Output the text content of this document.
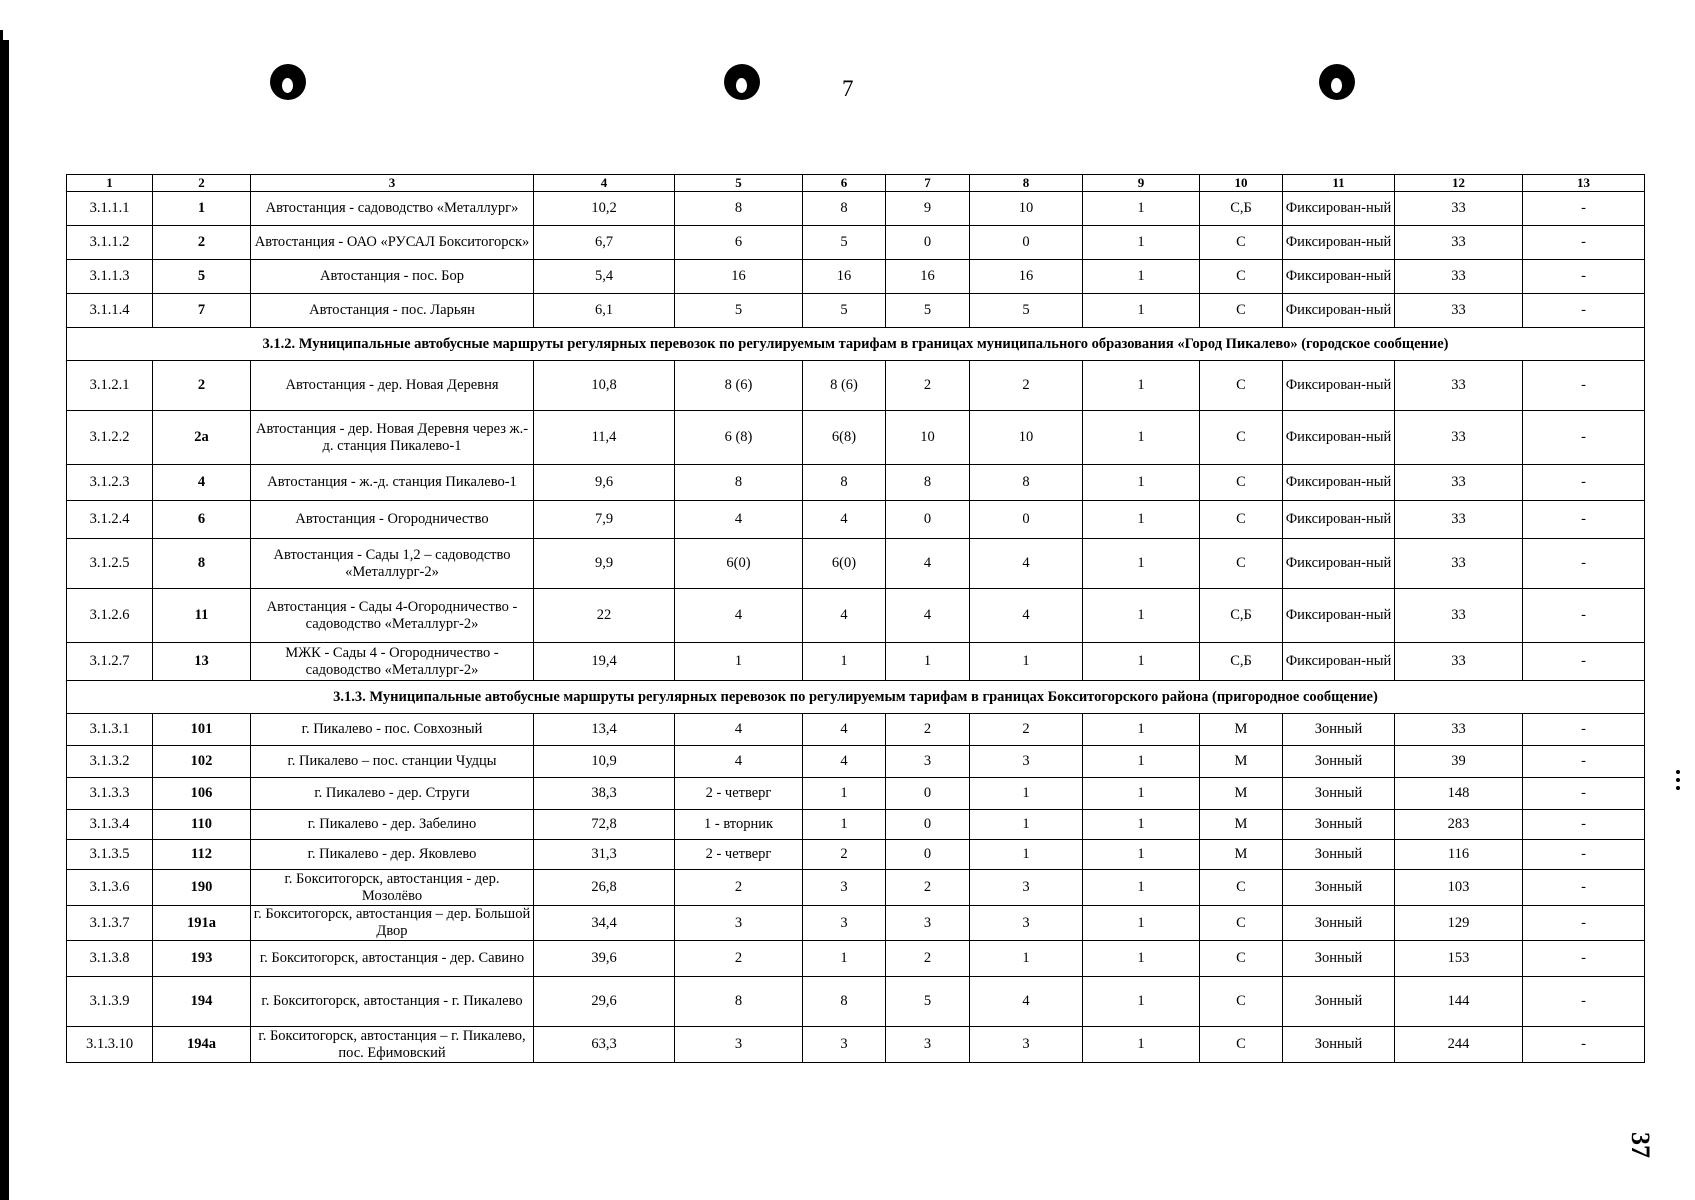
7
37
1	2	3	4	5	6	7	8	9	10	11	12	13
3.1.1.1	1	Автостанция - садоводство «Металлург»	10,2	8	8	9	10	1	С,Б	Фиксирован-ный	33	-
3.1.1.2	2	Автостанция - ОАО «РУСАЛ Бокситогорск»	6,7	6	5	0	0	1	С	Фиксирован-ный	33	-
3.1.1.3	5	Автостанция - пос. Бор	5,4	16	16	16	16	1	С	Фиксирован-ный	33	-
3.1.1.4	7	Автостанция - пос. Ларьян	6,1	5	5	5	5	1	С	Фиксирован-ный	33	-
3.1.2. Муниципальные автобусные маршруты регулярных перевозок по регулируемым тарифам в границах муниципального образования «Город Пикалево» (городское сообщение)												
3.1.2.1	2	Автостанция - дер. Новая Деревня	10,8	8 (6)	8 (6)	2	2	1	С	Фиксирован-ный	33	-
3.1.2.2	2а	Автостанция - дер. Новая Деревня через ж.-д. станция Пикалево-1	11,4	6 (8)	6(8)	10	10	1	С	Фиксирован-ный	33	-
3.1.2.3	4	Автостанция - ж.-д. станция Пикалево-1	9,6	8	8	8	8	1	С	Фиксирован-ный	33	-
3.1.2.4	6	Автостанция - Огородничество	7,9	4	4	0	0	1	С	Фиксирован-ный	33	-
3.1.2.5	8	Автостанция - Сады 1,2 – садоводство «Металлург-2»	9,9	6(0)	6(0)	4	4	1	С	Фиксирован-ный	33	-
3.1.2.6	11	Автостанция - Сады 4-Огородничество - садоводство «Металлург-2»	22	4	4	4	4	1	С,Б	Фиксирован-ный	33	-
3.1.2.7	13	МЖК - Сады 4 - Огородничество - садоводство «Металлург-2»	19,4	1	1	1	1	1	С,Б	Фиксирован-ный	33	-
3.1.3. Муниципальные автобусные маршруты регулярных перевозок по регулируемым тарифам в границах Бокситогорского района (пригородное сообщение)												
3.1.3.1	101	г. Пикалево - пос. Совхозный	13,4	4	4	2	2	1	М	Зонный	33	-
3.1.3.2	102	г. Пикалево – пос. станции Чудцы	10,9	4	4	3	3	1	М	Зонный	39	-
3.1.3.3	106	г. Пикалево - дер. Струги	38,3	2 - четверг	1	0	1	1	М	Зонный	148	-
3.1.3.4	110	г. Пикалево - дер. Забелино	72,8	1 - вторник	1	0	1	1	М	Зонный	283	-
3.1.3.5	112	г. Пикалево - дер. Яковлево	31,3	2 - четверг	2	0	1	1	М	Зонный	116	-
3.1.3.6	190	г. Бокситогорск, автостанция - дер. Мозолёво	26,8	2	3	2	3	1	С	Зонный	103	-
3.1.3.7	191а	г. Бокситогорск, автостанция – дер. Большой Двор	34,4	3	3	3	3	1	С	Зонный	129	-
3.1.3.8	193	г. Бокситогорск, автостанция - дер. Савино	39,6	2	1	2	1	1	С	Зонный	153	-
3.1.3.9	194	г. Бокситогорск, автостанция - г. Пикалево	29,6	8	8	5	4	1	С	Зонный	144	-
3.1.3.10	194а	г. Бокситогорск, автостанция – г. Пикалево, пос. Ефимовский	63,3	3	3	3	3	1	С	Зонный	244	-
